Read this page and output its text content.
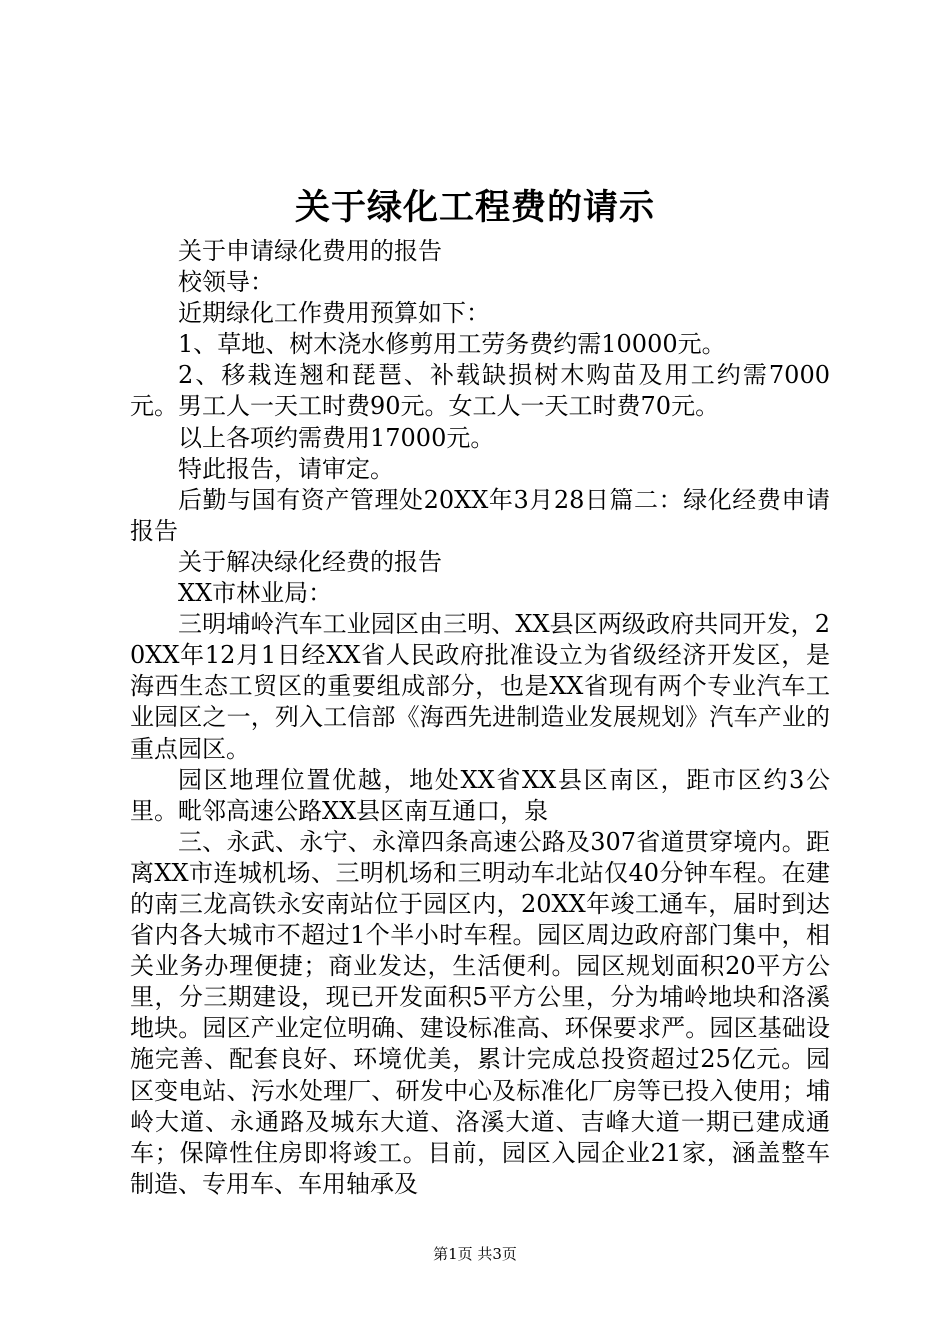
关于绿化工程费的请示

关于申请绿化费用的报告

校领导：

近期绿化工作费用预算如下：

1、草地、树木浇水修剪用工劳务费约需10000元。

2、移栽连翘和琵琶、补载缺损树木购苗及用工约需7000元。男工人一天工时费90元。女工人一天工时费70元。

以上各项约需费用17000元。

特此报告，请审定。

后勤与国有资产管理处20XX年3月28日篇二：绿化经费申请报告

关于解决绿化经费的报告

XX市林业局：

三明埔岭汽车工业园区由三明、XX县区两级政府共同开发，20XX年12月1日经XX省人民政府批准设立为省级经济开发区，是海西生态工贸区的重要组成部分，也是XX省现有两个专业汽车工业园区之一，列入工信部《海西先进制造业发展规划》汽车产业的重点园区。

园区地理位置优越，地处XX省XX县区南区，距市区约3公里。毗邻高速公路XX县区南互通口，泉

三、永武、永宁、永漳四条高速公路及307省道贯穿境内。距离XX市连城机场、三明机场和三明动车北站仅40分钟车程。在建的南三龙高铁永安南站位于园区内，20XX年竣工通车，届时到达省内各大城市不超过1个半小时车程。园区周边政府部门集中，相关业务办理便捷；商业发达，生活便利。园区规划面积20平方公里，分三期建设，现已开发面积5平方公里，分为埔岭地块和洛溪地块。园区产业定位明确、建设标准高、环保要求严。园区基础设施完善、配套良好、环境优美，累计完成总投资超过25亿元。园区变电站、污水处理厂、研发中心及标准化厂房等已投入使用；埔岭大道、永通路及城东大道、洛溪大道、吉峰大道一期已建成通车；保障性住房即将竣工。目前，园区入园企业21家，涵盖整车制造、专用车、车用轴承及

第1页 共3页
